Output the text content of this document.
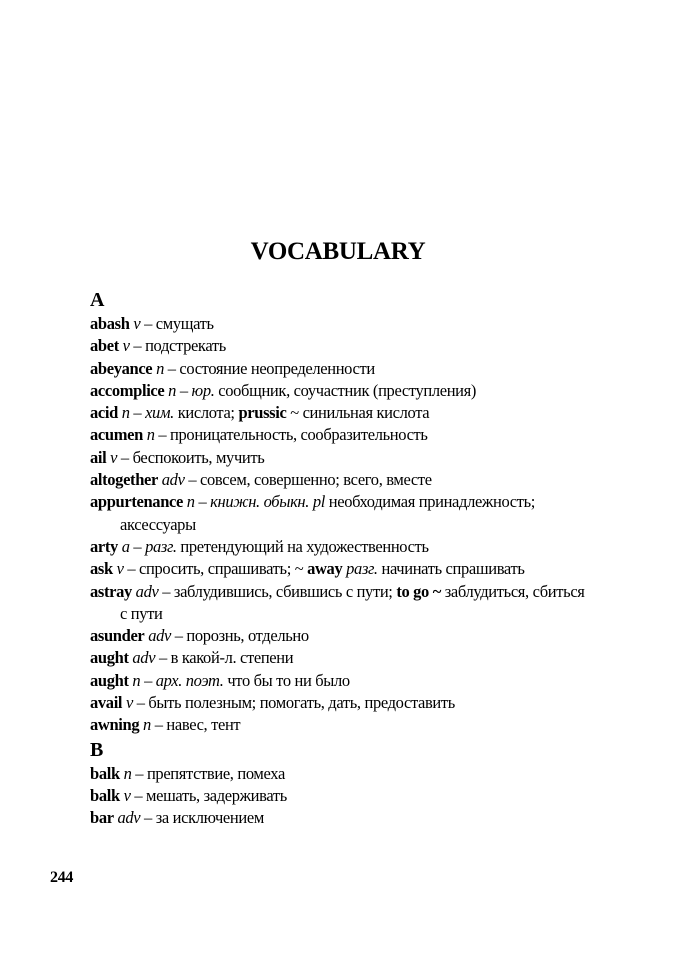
VOCABULARY
A
abash v – смущать
abet v – подстрекать
abeyance n – состояние неопределенности
accomplice n – юр. сообщник, соучастник (преступления)
acid n – хим. кислота; prussic ~ синильная кислота
acumen n – проницательность, сообразительность
ail v – беспокоить, мучить
altogether adv – совсем, совершенно; всего, вместе
appurtenance n – книжн. обыкн. pl необходимая принадлежность; аксессуары
arty a – разг. претендующий на художественность
ask v – спросить, спрашивать; ~ away разг. начинать спрашивать
astray adv – заблудившись, сбившись с пути; to go ~ заблудиться, сбиться с пути
asunder adv – порознь, отдельно
aught adv – в какой-л. степени
aught n – арх. поэт. что бы то ни было
avail v – быть полезным; помогать, дать, предоставить
awning n – навес, тент
B
balk n – препятствие, помеха
balk v – мешать, задерживать
bar adv – за исключением
244
